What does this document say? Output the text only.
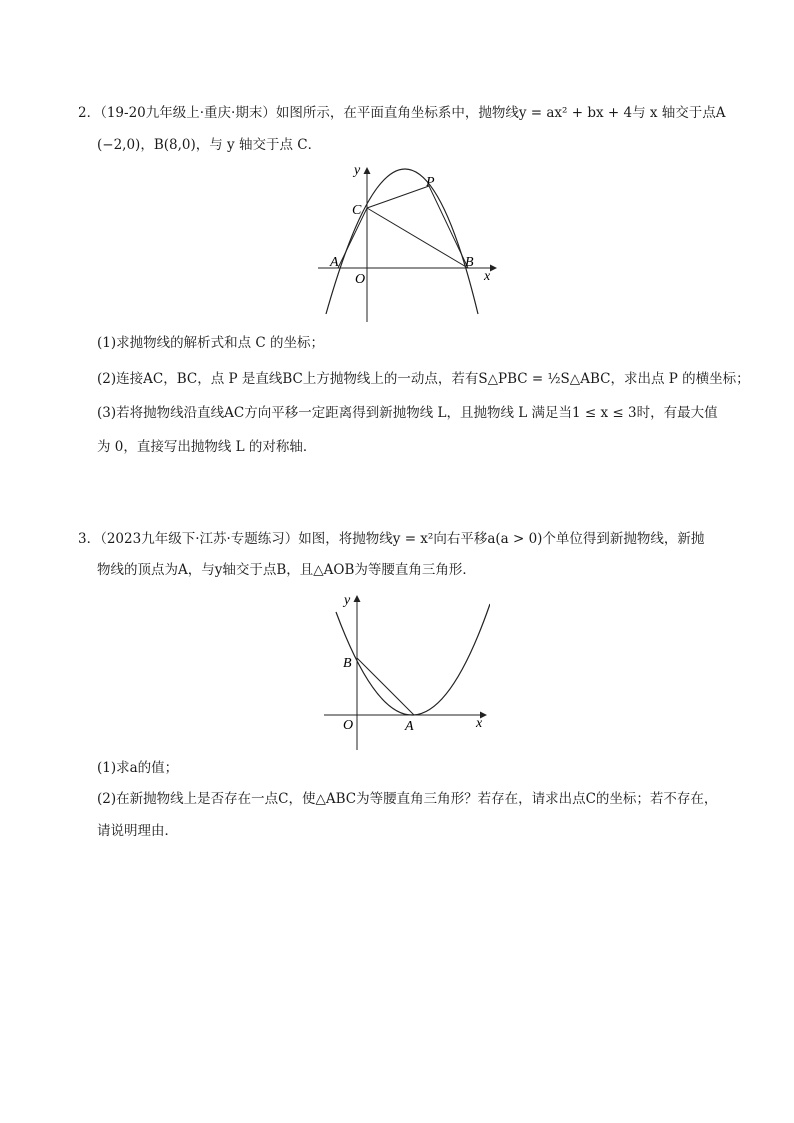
2．（19-20九年级上·重庆·期末）如图所示，在平面直角坐标系中，抛物线y = ax² + bx + 4与 x 轴交于点A
(−2,0)，B(8,0)，与 y 轴交于点 C．
y
x
C
P
A
O
B
(1)求抛物线的解析式和点 C 的坐标；
(2)连接AC，BC，点 P 是直线BC上方抛物线上的一动点，若有S△PBC = ½S△ABC，求出点 P 的横坐标；
(3)若将抛物线沿直线AC方向平移一定距离得到新抛物线 L，且抛物线 L 满足当1 ≤ x ≤ 3时，有最大值
为 0，直接写出抛物线 L 的对称轴．
3．（2023九年级下·江苏·专题练习）如图，将抛物线y = x²向右平移a(a > 0)个单位得到新抛物线，新抛
物线的顶点为A，与y轴交于点B，且△AOB为等腰直角三角形．
y
x
B
O	A
(1)求a的值；
(2)在新抛物线上是否存在一点C，使△ABC为等腰直角三角形？若存在，请求出点C的坐标；若不存在，
请说明理由．
